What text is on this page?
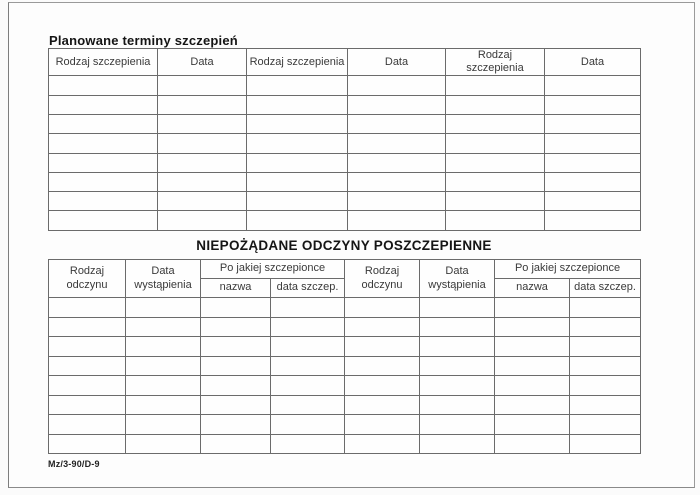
Planowane terminy szczepień
Rodzaj szczepienia	Data	Rodzaj szczepienia	Data	Rodzaj szczepienia	Data

NIEPOŻĄDANE ODCZYNY POSZCZEPIENNE
Rodzaj odczynu	Data wystąpienia	Po jakiej szczepionce		Rodzaj odczynu	Data wystąpienia	Po jakiej szczepionce	
		nazwa	data szczep.			nazwa	data szczep.

Mz/3-90/D-9
